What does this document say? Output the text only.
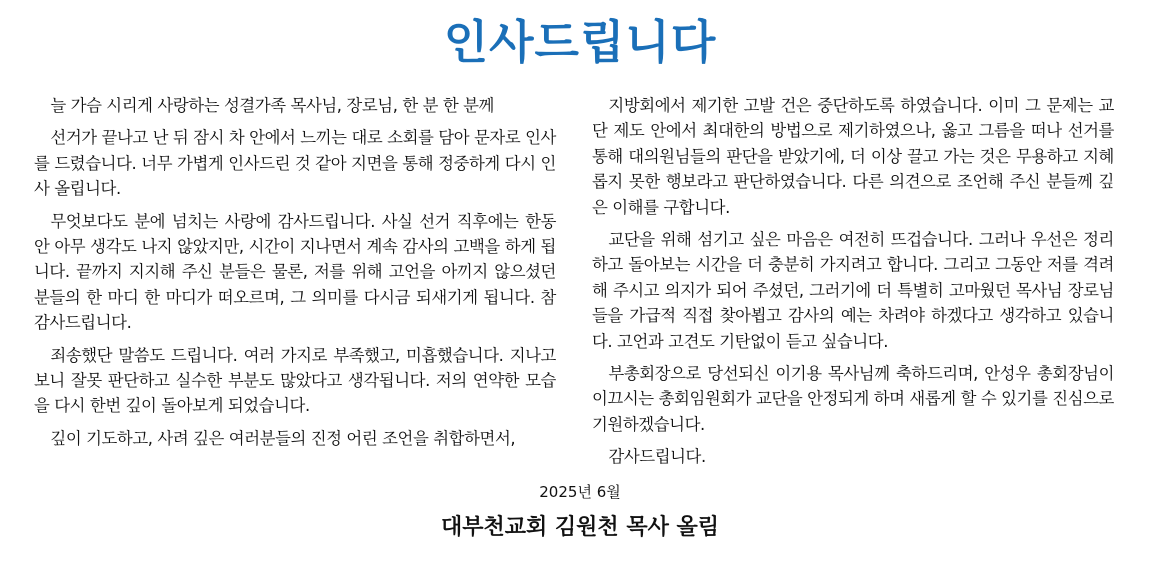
인사드립니다

늘 가슴 시리게 사랑하는 성결가족 목사님, 장로님, 한 분 한 분께

선거가 끝나고 난 뒤 잠시 차 안에서 느끼는 대로 소회를 담아 문자로 인사를 드렸습니다. 너무 가볍게 인사드린 것 같아 지면을 통해 정중하게 다시 인사 올립니다.

무엇보다도 분에 넘치는 사랑에 감사드립니다. 사실 선거 직후에는 한동안 아무 생각도 나지 않았지만, 시간이 지나면서 계속 감사의 고백을 하게 됩니다. 끝까지 지지해 주신 분들은 물론, 저를 위해 고언을 아끼지 않으셨던 분들의 한 마디 한 마디가 떠오르며, 그 의미를 다시금 되새기게 됩니다. 참 감사드립니다.

죄송했단 말씀도 드립니다. 여러 가지로 부족했고, 미흡했습니다. 지나고 보니 잘못 판단하고 실수한 부분도 많았다고 생각됩니다. 저의 연약한 모습을 다시 한번 깊이 돌아보게 되었습니다.

깊이 기도하고, 사려 깊은 여러분들의 진정 어린 조언을 취합하면서,

지방회에서 제기한 고발 건은 중단하도록 하였습니다. 이미 그 문제는 교단 제도 안에서 최대한의 방법으로 제기하였으나, 옳고 그름을 떠나 선거를 통해 대의원님들의 판단을 받았기에, 더 이상 끌고 가는 것은 무용하고 지혜롭지 못한 행보라고 판단하였습니다. 다른 의견으로 조언해 주신 분들께 깊은 이해를 구합니다.

교단을 위해 섬기고 싶은 마음은 여전히 뜨겁습니다. 그러나 우선은 정리하고 돌아보는 시간을 더 충분히 가지려고 합니다. 그리고 그동안 저를 격려해 주시고 의지가 되어 주셨던, 그러기에 더 특별히 고마웠던 목사님 장로님들을 가급적 직접 찾아뵙고 감사의 예는 차려야 하겠다고 생각하고 있습니다. 고언과 고견도 기탄없이 듣고 싶습니다.

부총회장으로 당선되신 이기용 목사님께 축하드리며, 안성우 총회장님이 이끄시는 총회임원회가 교단을 안정되게 하며 새롭게 할 수 있기를 진심으로 기원하겠습니다.

감사드립니다.

2025년 6월
대부천교회 김원천 목사 올림
